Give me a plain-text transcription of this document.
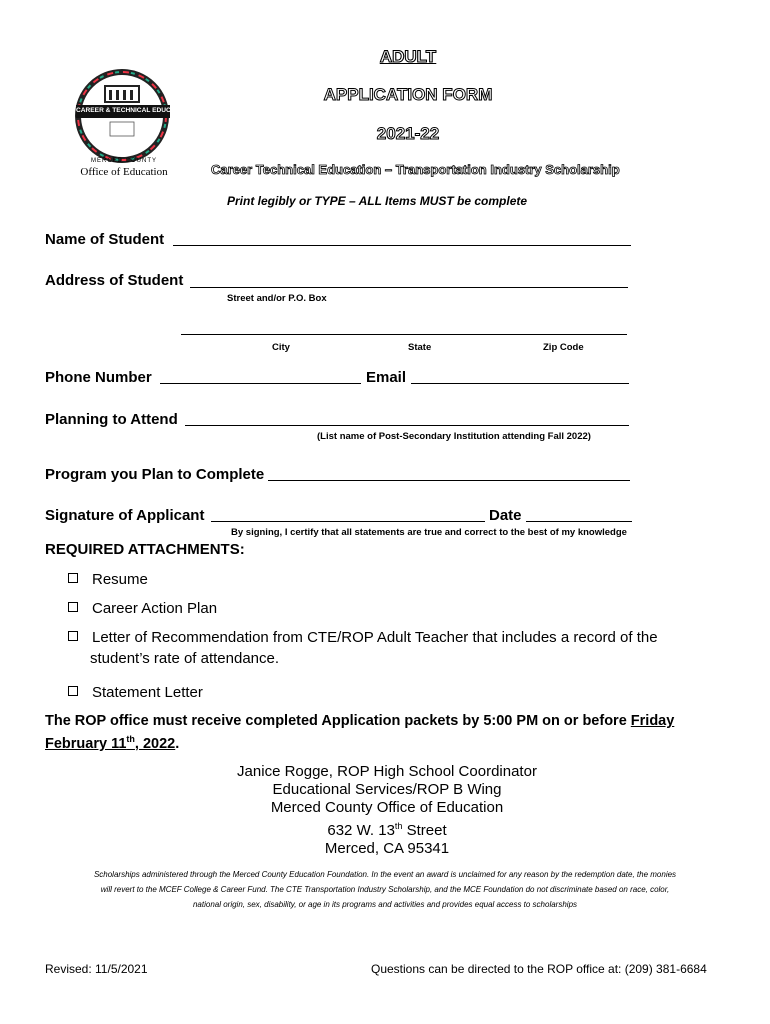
CAREER & TECHNICAL EDUCATION
MERCED COUNTY
Office of Education
ADULT
APPLICATION FORM
2021-22
Career Technical Education – Transportation Industry Scholarship
Print legibly or TYPE – ALL Items MUST be complete
Name of Student
Address of Student
Street and/or P.O. Box
City	State	Zip Code
Phone Number	Email
Planning to Attend
(List name of Post-Secondary Institution attending Fall 2022)
Program you Plan to Complete
Signature of Applicant	Date
By signing, I certify that all statements are true and correct to the best of my knowledge
REQUIRED ATTACHMENTS:
Resume
Career Action Plan
Letter of Recommendation from CTE/ROP Adult Teacher that includes a record of the
student’s rate of attendance.
Statement Letter
The ROP office must receive completed Application packets by 5:00 PM on or before Friday
February 11th, 2022.
Janice Rogge, ROP High School Coordinator
Educational Services/ROP B Wing
Merced County Office of Education
632 W. 13th Street
Merced, CA 95341
Scholarships administered through the Merced County Education Foundation. In the event an award is unclaimed for any reason by the redemption date, the monies
will revert to the MCEF College & Career Fund. The CTE Transportation Industry Scholarship, and the MCE Foundation do not discriminate based on race, color,
national origin, sex, disability, or age in its programs and activities and provides equal access to scholarships
Revised: 11/5/2021	Questions can be directed to the ROP office at: (209) 381-6684
